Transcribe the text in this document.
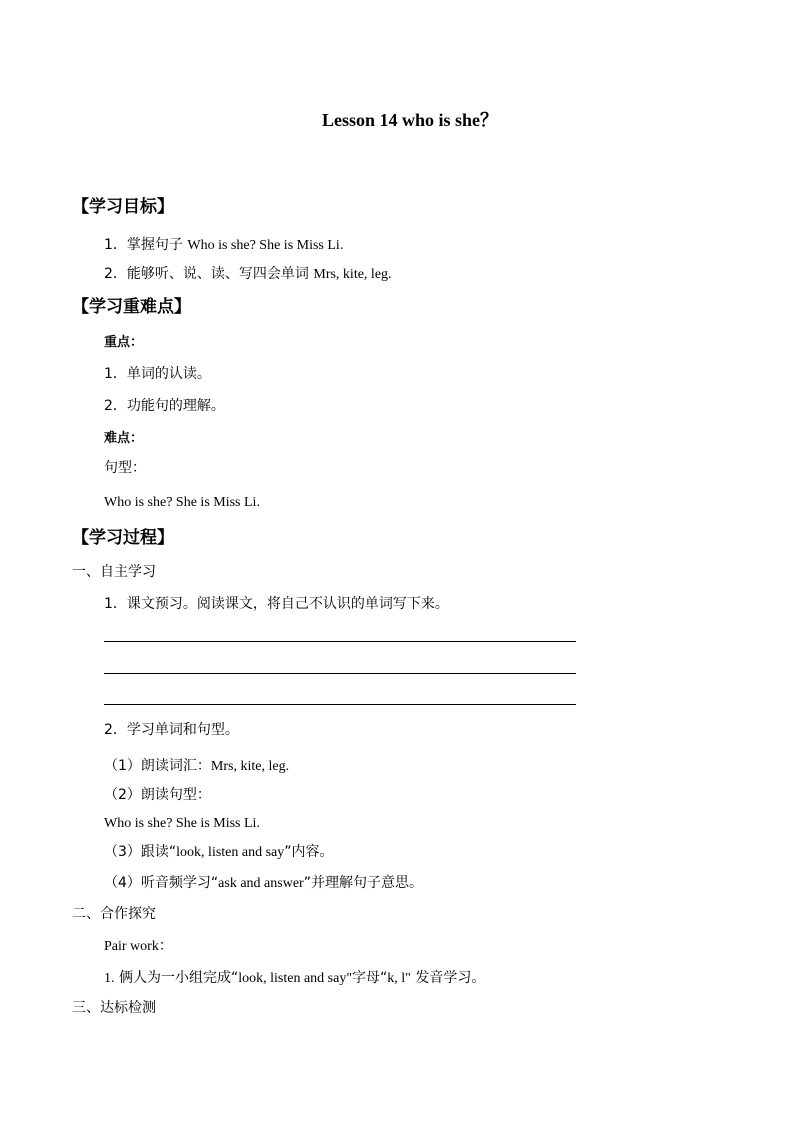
Lesson 14 who is she？
【学习目标】
1．掌握句子 Who is she? She is Miss Li.
2．能够听、说、读、写四会单词 Mrs, kite, leg.
【学习重难点】
重点：
1．单词的认读。
2．功能句的理解。
难点：
句型：
Who is she? She is Miss Li.
【学习过程】
一、自主学习
1．课文预习。阅读课文，将自己不认识的单词写下来。
2．学习单词和句型。
（1）朗读词汇：Mrs, kite, leg.
（2）朗读句型：
Who is she? She is Miss Li.
（3）跟读“look, listen and say”内容。
（4）听音频学习“ask and answer”并理解句子意思。
二、合作探究
Pair work：
1. 俩人为一小组完成“look, listen and say"字母“k, l" 发音学习。
三、达标检测
